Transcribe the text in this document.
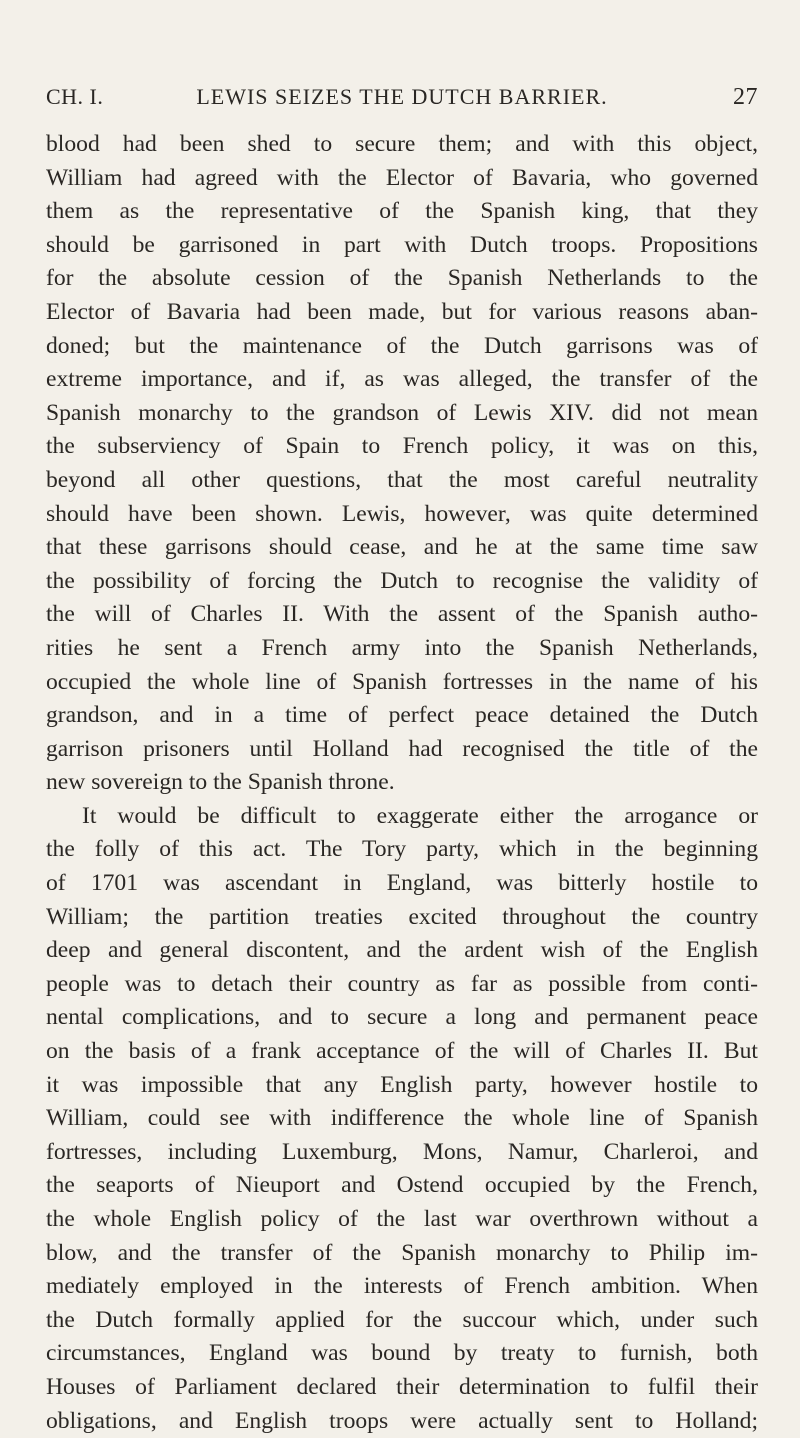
CH. I.	LEWIS SEIZES THE DUTCH BARRIER.	27
blood had been shed to secure them; and with this object,
William had agreed with the Elector of Bavaria, who governed
them as the representative of the Spanish king, that they
should be garrisoned in part with Dutch troops. Propositions
for the absolute cession of the Spanish Netherlands to the
Elector of Bavaria had been made, but for various reasons aban-
doned; but the maintenance of the Dutch garrisons was of
extreme importance, and if, as was alleged, the transfer of the
Spanish monarchy to the grandson of Lewis XIV. did not mean
the subserviency of Spain to French policy, it was on this,
beyond all other questions, that the most careful neutrality
should have been shown. Lewis, however, was quite determined
that these garrisons should cease, and he at the same time saw
the possibility of forcing the Dutch to recognise the validity of
the will of Charles II. With the assent of the Spanish autho-
rities he sent a French army into the Spanish Netherlands,
occupied the whole line of Spanish fortresses in the name of his
grandson, and in a time of perfect peace detained the Dutch
garrison prisoners until Holland had recognised the title of the
new sovereign to the Spanish throne.
It would be difficult to exaggerate either the arrogance or
the folly of this act. The Tory party, which in the beginning
of 1701 was ascendant in England, was bitterly hostile to
William; the partition treaties excited throughout the country
deep and general discontent, and the ardent wish of the English
people was to detach their country as far as possible from conti-
nental complications, and to secure a long and permanent peace
on the basis of a frank acceptance of the will of Charles II. But
it was impossible that any English party, however hostile to
William, could see with indifference the whole line of Spanish
fortresses, including Luxemburg, Mons, Namur, Charleroi, and
the seaports of Nieuport and Ostend occupied by the French,
the whole English policy of the last war overthrown without a
blow, and the transfer of the Spanish monarchy to Philip im-
mediately employed in the interests of French ambition. When
the Dutch formally applied for the succour which, under such
circumstances, England was bound by treaty to furnish, both
Houses of Parliament declared their determination to fulfil their
obligations, and English troops were actually sent to Holland;
